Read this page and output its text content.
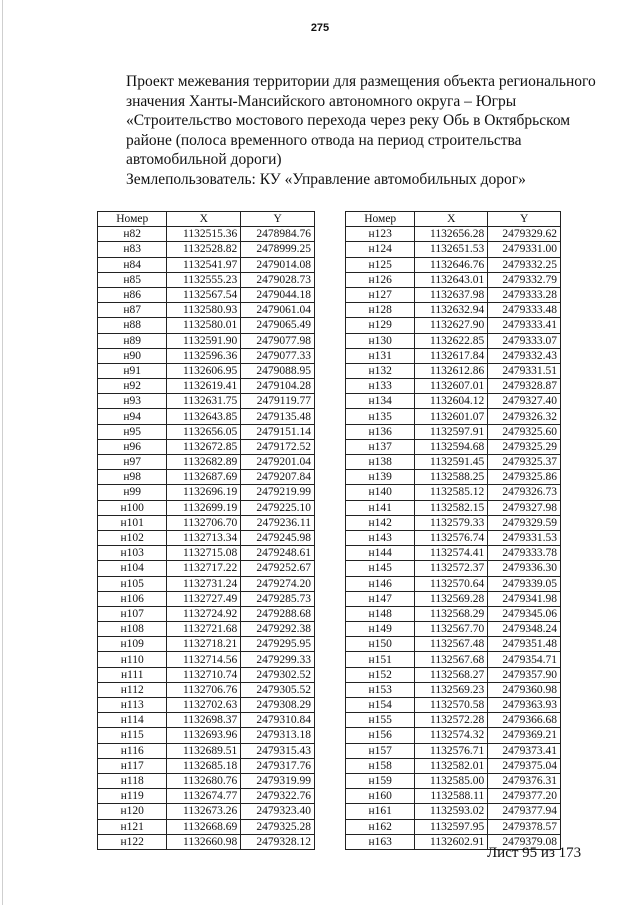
275
Проект межевания территории для размещения объекта регионального
значения Ханты-Мансийского автономного округа – Югры
«Строительство мостового перехода через реку Обь в Октябрьском
районе (полоса временного отвода на период строительства
автомобильной дороги)
Землепользователь: КУ «Управление автомобильных дорог»
Номер	X	Y
н82	1132515.36	2478984.76
н83	1132528.82	2478999.25
н84	1132541.97	2479014.08
н85	1132555.23	2479028.73
н86	1132567.54	2479044.18
н87	1132580.93	2479061.04
н88	1132580.01	2479065.49
н89	1132591.90	2479077.98
н90	1132596.36	2479077.33
н91	1132606.95	2479088.95
н92	1132619.41	2479104.28
н93	1132631.75	2479119.77
н94	1132643.85	2479135.48
н95	1132656.05	2479151.14
н96	1132672.85	2479172.52
н97	1132682.89	2479201.04
н98	1132687.69	2479207.84
н99	1132696.19	2479219.99
н100	1132699.19	2479225.10
н101	1132706.70	2479236.11
н102	1132713.34	2479245.98
н103	1132715.08	2479248.61
н104	1132717.22	2479252.67
н105	1132731.24	2479274.20
н106	1132727.49	2479285.73
н107	1132724.92	2479288.68
н108	1132721.68	2479292.38
н109	1132718.21	2479295.95
н110	1132714.56	2479299.33
н111	1132710.74	2479302.52
н112	1132706.76	2479305.52
н113	1132702.63	2479308.29
н114	1132698.37	2479310.84
н115	1132693.96	2479313.18
н116	1132689.51	2479315.43
н117	1132685.18	2479317.76
н118	1132680.76	2479319.99
н119	1132674.77	2479322.76
н120	1132673.26	2479323.40
н121	1132668.69	2479325.28
н122	1132660.98	2479328.12
Номер	X	Y
н123	1132656.28	2479329.62
н124	1132651.53	2479331.00
н125	1132646.76	2479332.25
н126	1132643.01	2479332.79
н127	1132637.98	2479333.28
н128	1132632.94	2479333.48
н129	1132627.90	2479333.41
н130	1132622.85	2479333.07
н131	1132617.84	2479332.43
н132	1132612.86	2479331.51
н133	1132607.01	2479328.87
н134	1132604.12	2479327.40
н135	1132601.07	2479326.32
н136	1132597.91	2479325.60
н137	1132594.68	2479325.29
н138	1132591.45	2479325.37
н139	1132588.25	2479325.86
н140	1132585.12	2479326.73
н141	1132582.15	2479327.98
н142	1132579.33	2479329.59
н143	1132576.74	2479331.53
н144	1132574.41	2479333.78
н145	1132572.37	2479336.30
н146	1132570.64	2479339.05
н147	1132569.28	2479341.98
н148	1132568.29	2479345.06
н149	1132567.70	2479348.24
н150	1132567.48	2479351.48
н151	1132567.68	2479354.71
н152	1132568.27	2479357.90
н153	1132569.23	2479360.98
н154	1132570.58	2479363.93
н155	1132572.28	2479366.68
н156	1132574.32	2479369.21
н157	1132576.71	2479373.41
н158	1132582.01	2479375.04
н159	1132585.00	2479376.31
н160	1132588.11	2479377.20
н161	1132593.02	2479377.94
н162	1132597.95	2479378.57
н163	1132602.91	2479379.08
Лист 95 из 173
